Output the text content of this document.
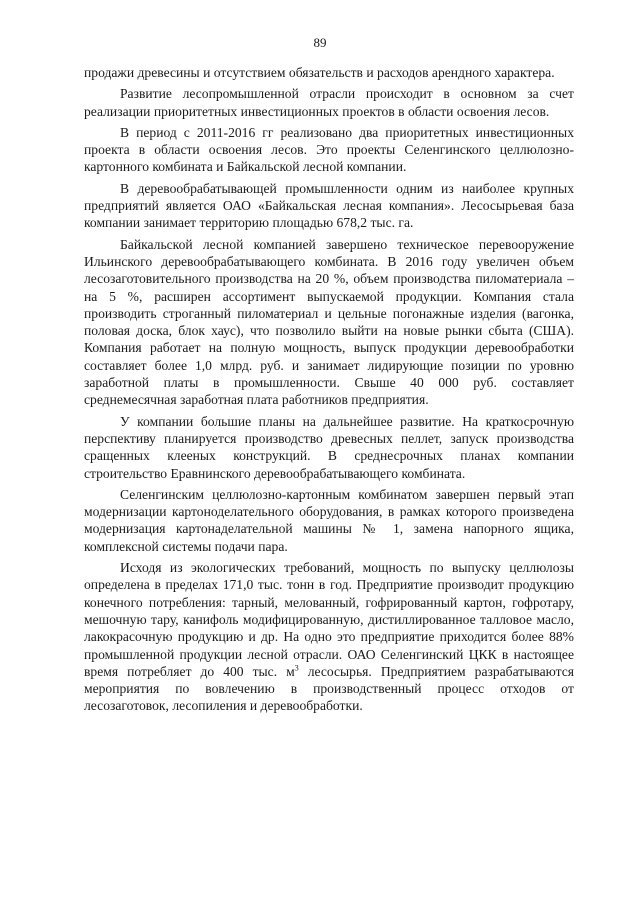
89

продажи древесины и отсутствием обязательств и расходов арендного характера.

Развитие лесопромышленной отрасли происходит в основном за счет реализации приоритетных инвестиционных проектов в области освоения лесов.

В период с 2011-2016 гг реализовано два приоритетных инвестиционных проекта в области освоения лесов. Это проекты Селенгинского целлюлозно-картонного комбината и Байкальской лесной компании.

В деревообрабатывающей промышленности одним из наиболее крупных предприятий является ОАО «Байкальская лесная компания». Лесосырьевая база компании занимает территорию площадью 678,2 тыс. га.

Байкальской лесной компанией завершено техническое перевооружение Ильинского деревообрабатывающего комбината. В 2016 году увеличен объем лесозаготовительного производства на 20 %, объем производства пиломатериала – на 5 %, расширен ассортимент выпускаемой продукции. Компания стала производить строганный пиломатериал и цельные погонажные изделия (вагонка, половая доска, блок хаус), что позволило выйти на новые рынки сбыта (США). Компания работает на полную мощность, выпуск продукции деревообработки составляет более 1,0 млрд. руб. и занимает лидирующие позиции по уровню заработной платы в промышленности. Свыше 40 000 руб. составляет среднемесячная заработная плата работников предприятия.

У компании большие планы на дальнейшее развитие. На краткосрочную перспективу планируется производство древесных пеллет, запуск производства сращенных клееных конструкций. В среднесрочных планах компании строительство Еравнинского деревообрабатывающего комбината.

Селенгинским целлюлозно-картонным комбинатом завершен первый этап модернизации картоноделательного оборудования, в рамках которого произведена модернизация картонаделательной машины № 1, замена напорного ящика, комплексной системы подачи пара.

Исходя из экологических требований, мощность по выпуску целлюлозы определена в пределах 171,0 тыс. тонн в год. Предприятие производит продукцию конечного потребления: тарный, мелованный, гофрированный картон, гофротару, мешочную тару, канифоль модифицированную, дистиллированное талловое масло, лакокрасочную продукцию и др. На одно это предприятие приходится более 88% промышленной продукции лесной отрасли. ОАО Селенгинский ЦКК в настоящее время потребляет до 400 тыс. $м^3$ лесосырья. Предприятием разрабатываются мероприятия по вовлечению в производственный процесс отходов от лесозаготовок, лесопиления и деревообработки.
